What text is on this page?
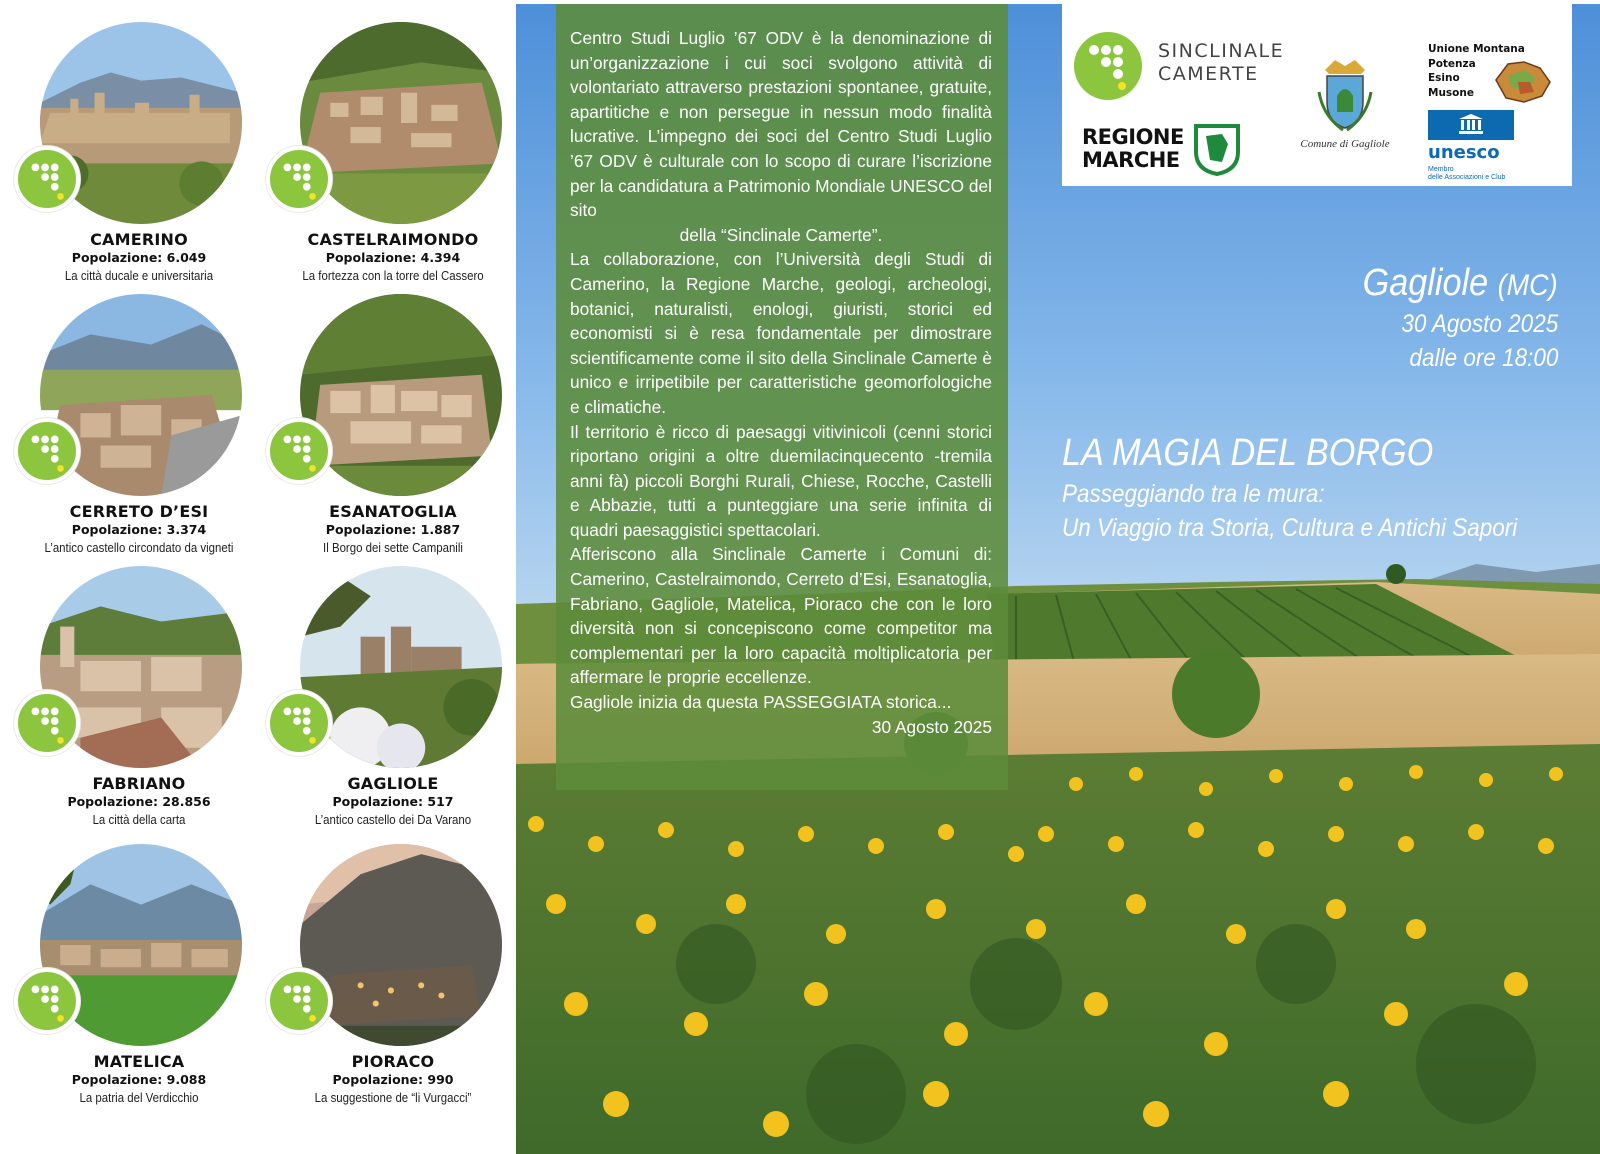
CAMERINO
Popolazione: 6.049
La città ducale e universitaria
CASTELRAIMONDO
Popolazione: 4.394
La fortezza con la torre del Cassero
CERRETO D’ESI
Popolazione: 3.374
L’antico castello circondato da vigneti
ESANATOGLIA
Popolazione: 1.887
Il Borgo dei sette Campanili
FABRIANO
Popolazione: 28.856
La città della carta
GAGLIOLE
Popolazione: 517
L’antico castello dei Da Varano
MATELICA
Popolazione: 9.088
La patria del Verdicchio
PIORACO
Popolazione: 990
La suggestione de “li Vurgacci”

Centro Studi Luglio ’67 ODV è la denominazione di un’organizzazione i cui soci svolgono attività di volontariato attraverso prestazioni spontanee, gratuite, apartitiche e non persegue in nessun modo finalità lucrative. L’impegno dei soci del Centro Studi Luglio ’67 ODV è culturale con lo scopo di curare l’iscrizione per la candidatura a Patrimonio Mondiale UNESCO del sito

della “Sinclinale Camerte”.

La collaborazione, con l’Università degli Studi di Camerino, la Regione Marche, geologi, archeologi, botanici, naturalisti, enologi, giuristi, storici ed economisti si è resa fondamentale per dimostrare scientificamente come il sito della Sinclinale Camerte è unico e irripetibile per caratteristiche geomorfologiche e climatiche.

Il territorio è ricco di paesaggi vitivinicoli (cenni storici riportano origini a oltre duemilacinquecento -tremila anni fà) piccoli Borghi Rurali, Chiese, Rocche, Castelli e Abbazie, tutti a punteggiare una serie infinita di quadri paesaggistici spettacolari.

Afferiscono alla Sinclinale Camerte i Comuni di: Camerino, Castelraimondo, Cerreto d’Esi, Esanatoglia, Fabriano, Gagliole, Matelica, Pioraco che con le loro diversità non si concepiscono come competitor ma complementari per la loro capacità moltiplicatoria per affermare le proprie eccellenze.

Gagliole inizia da questa PASSEGGIATA storica...

30 Agosto 2025

SINCLINALE
CAMERTE
REGIONE
MARCHE
Comune di Gagliole
Unione Montana
Potenza
Esino
Musone
unesco
Membro
delle Associazioni e Club
Gagliole (MC)
30 Agosto 2025
dalle ore 18:00
LA MAGIA DEL BORGO
Passeggiando tra le mura:
Un Viaggio tra Storia, Cultura e Antichi Sapori
